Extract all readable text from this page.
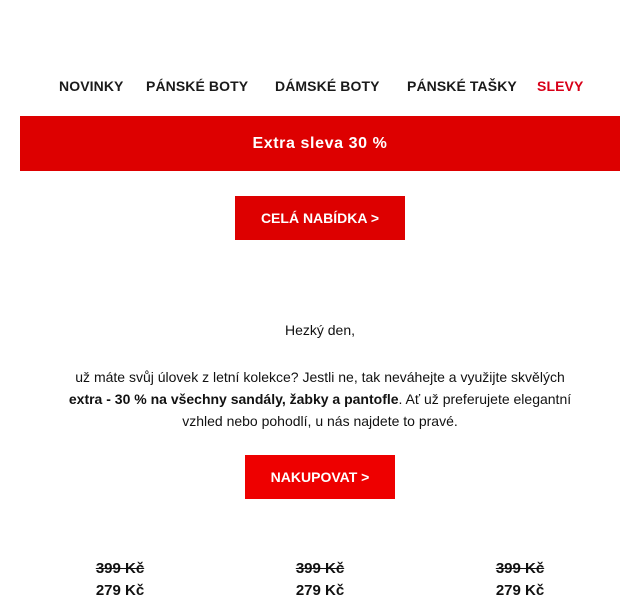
NOVINKY PÁNSKÉ BOTY DÁMSKÉ BOTY PÁNSKÉ TAŠKY SLEVY
Extra sleva 30 %
CELÁ NABÍDKA >
Hezký den,
už máte svůj úlovek z letní kolekce? Jestli ne, tak neváhejte a využijte skvělých extra - 30 % na všechny sandály, žabky a pantofle. Ať už preferujete elegantní vzhled nebo pohodlí, u nás najdete to pravé.
NAKUPOVAT >
399 Kč
279 Kč
399 Kč
279 Kč
399 Kč
279 Kč
